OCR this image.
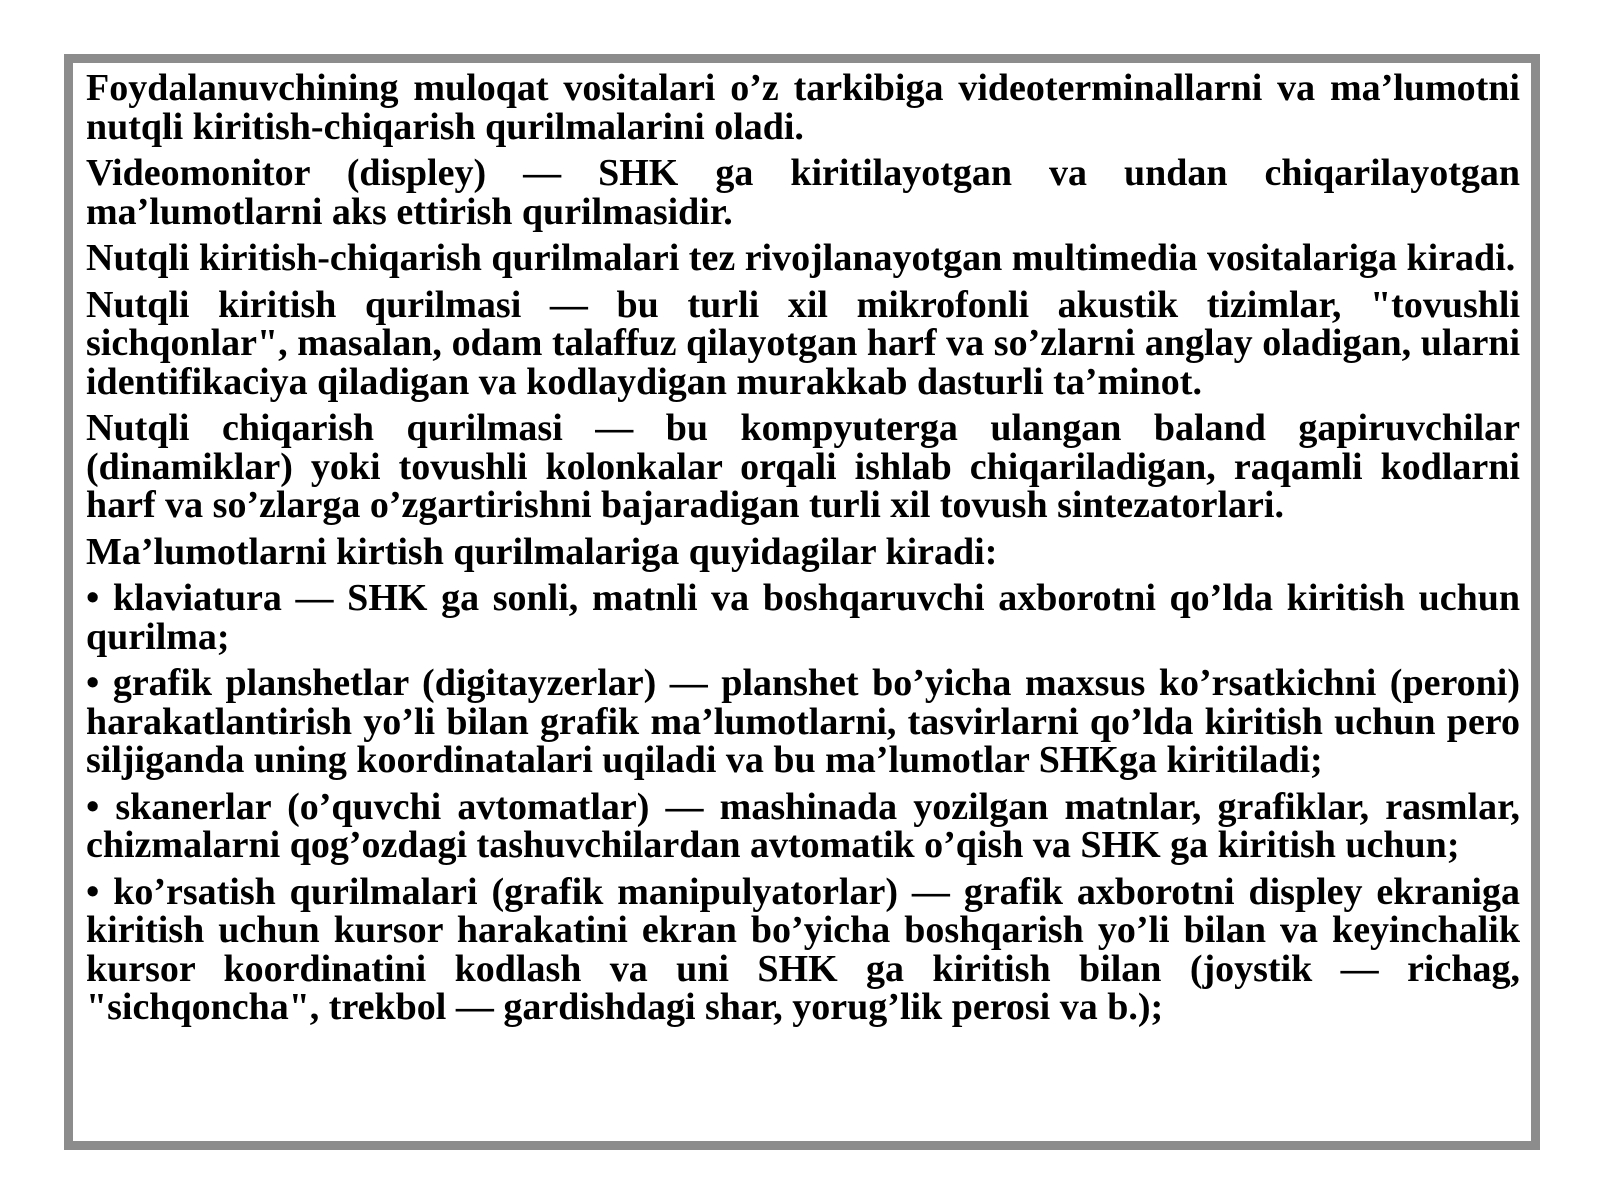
Foydalanuvchining muloqat vositalari o’z tarkibiga videoterminallarni va ma’lumotni nutqli kiritish-chiqarish qurilmalarini oladi.

Videomonitor (displey) — SHK ga kiritilayotgan va undan chiqarilayotgan ma’lumotlarni aks ettirish qurilmasidir.

Nutqli kiritish-chiqarish qurilmalari tez rivojlanayotgan multimedia vositalariga kiradi.

Nutqli kiritish qurilmasi — bu turli xil mikrofonli akustik tizimlar, "tovushli sichqonlar", masalan, odam talaffuz qilayotgan harf va so’zlarni anglay oladigan, ularni identifikaciya qiladigan va kodlaydigan murakkab dasturli ta’minot.

Nutqli chiqarish qurilmasi — bu kompyuterga ulangan baland gapiruvchilar (dinamiklar) yoki tovushli kolonkalar orqali ishlab chiqariladigan, raqamli kodlarni harf va so’zlarga o’zgartirishni bajaradigan turli xil tovush sintezatorlari.

Ma’lumotlarni kirtish qurilmalariga quyidagilar kiradi:

• klaviatura — SHK ga sonli, matnli va boshqaruvchi axborotni qo’lda kiritish uchun qurilma;

• grafik planshetlar (digitayzerlar) — planshet bo’yicha maxsus ko’rsatkichni (peroni) harakatlantirish yo’li bilan grafik ma’lumotlarni, tasvirlarni qo’lda kiritish uchun pero siljiganda uning koordinatalari uqiladi va bu ma’lumotlar SHKga kiritiladi;

• skanerlar (o’quvchi avtomatlar) — mashinada yozilgan matnlar, grafiklar, rasmlar, chizmalarni qog’ozdagi tashuvchilardan avtomatik o’qish va SHK ga kiritish uchun;

• ko’rsatish qurilmalari (grafik manipulyatorlar) — grafik axborotni displey ekraniga kiritish uchun kursor harakatini ekran bo’yicha boshqarish yo’li bilan va keyinchalik kursor koordinatini kodlash va uni SHK ga kiritish bilan (joystik — richag, "sichqoncha", trekbol — gardishdagi shar, yorug’lik perosi va b.);
